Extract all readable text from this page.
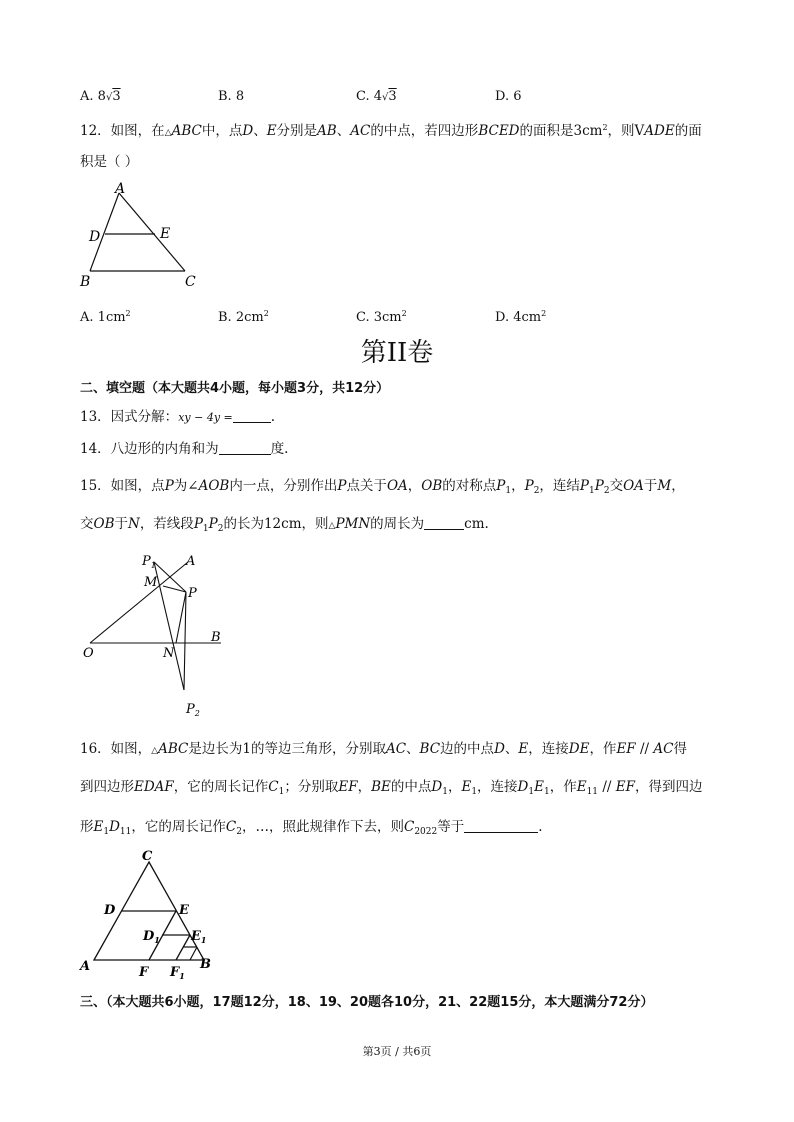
A. 8√3	B. 8	C. 4√3	D. 6
12．如图，在△ABC中，点D、E分别是AB、AC的中点，若四边形BCED的面积是$3cm^2$，则VADE的面
积是（ ）
A
D	E
B	C
A. $1cm^2$	B. $2cm^2$	C. $3cm^2$	D. $4cm^2$
第II卷
二、填空题（本大题共4小题，每小题3分，共12分）
13．因式分解：xy − 4y =	.
14．八边形的内角和为	度.
15．如图，点P为∠AOB内一点，分别作出P点关于OA，OB的对称点$P_1$，$P_2$，连结$P_1P_2$交OA于M，
交OB于N，若线段$P_1P_2$的长为12cm，则△PMN的周长为	cm.
$P_1$ A
M
P
O	N
B
$P_2$
16．如图，△ABC是边长为1的等边三角形，分别取AC、BC边的中点D、E，连接DE，作EF // AC得
到四边形EDAF，它的周长记作$C_1$；分别取EF，BE的中点$D_1$，$E_1$，连接$D_1E_1$，作$E_{11}$ // EF，得到四边
形$E_1D_{11}$，它的周长记作$C_2$，…，照此规律作下去，则$C_{2022}$等于	.
C
D	E
$D_1$ $E_1$
A	F $F_1$
B
三、（本大题共6小题，17题12分，18、19、20题各10分，21、22题15分，本大题满分72分）
第3页 / 共6页
